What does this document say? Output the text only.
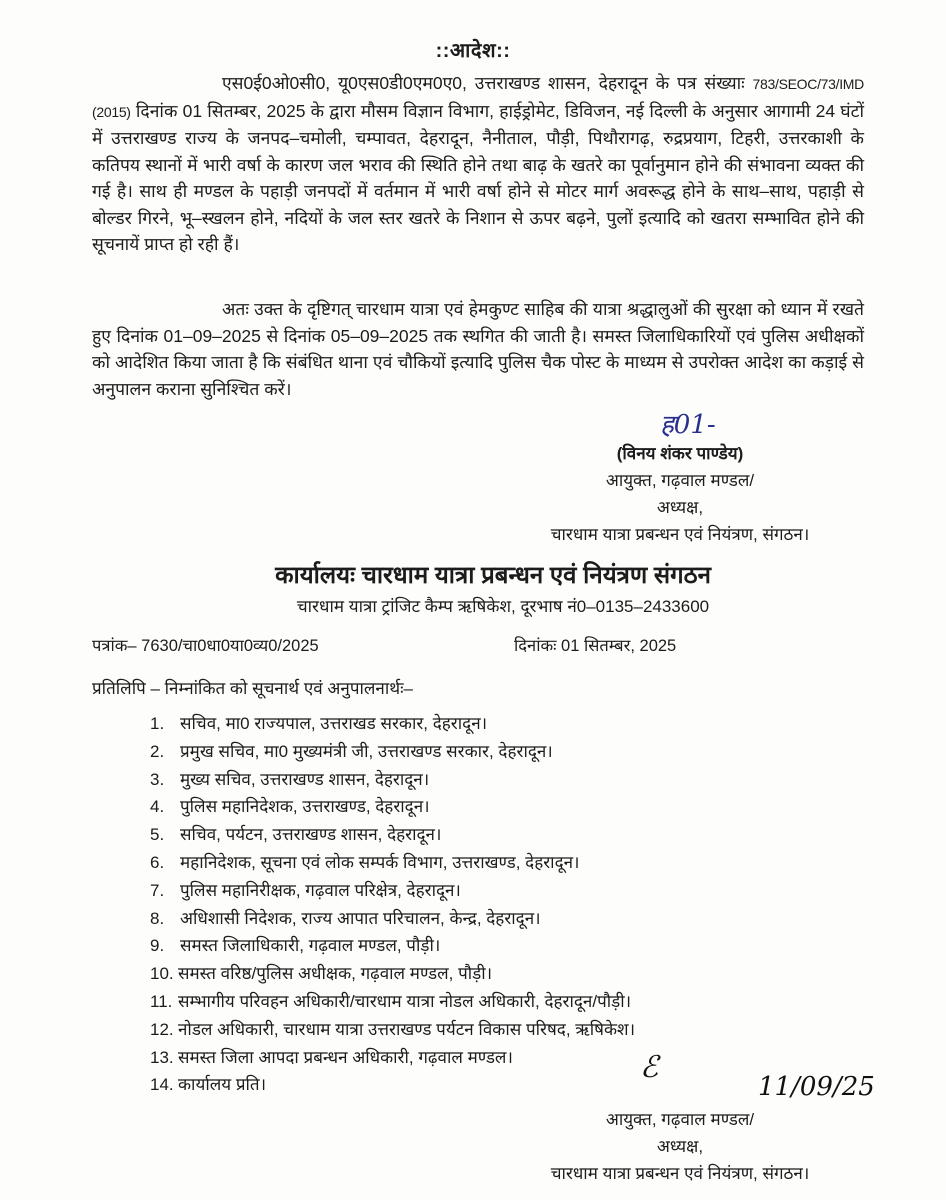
::आदेश::
एस0ई0ओ0सी0, यू0एस0डी0एम0ए0, उत्तराखण्ड शासन, देहरादून के पत्र संख्याः 783/SEOC/73/IMD (2015) दिनांक 01 सितम्बर, 2025 के द्वारा मौसम विज्ञान विभाग, हाईड्रोमेट, डिविजन, नई दिल्ली के अनुसार आगामी 24 घंटों में उत्तराखण्ड राज्य के जनपद–चमोली, चम्पावत, देहरादून, नैनीताल, पौड़ी, पिथौरागढ़, रुद्रप्रयाग, टिहरी, उत्तरकाशी के कतिपय स्थानों में भारी वर्षा के कारण जल भराव की स्थिति होने तथा बाढ़ के खतरे का पूर्वानुमान होने की संभावना व्यक्त की गई है। साथ ही मण्डल के पहाड़ी जनपदों में वर्तमान में भारी वर्षा होने से मोटर मार्ग अवरूद्ध होने के साथ–साथ, पहाड़ी से बोल्डर गिरने, भू–स्खलन होने, नदियों के जल स्तर खतरे के निशान से ऊपर बढ़ने, पुलों इत्यादि को खतरा सम्भावित होने की सूचनायें प्राप्त हो रही हैं।
अतः उक्त के दृष्टिगत् चारधाम यात्रा एवं हेमकुण्ट साहिब की यात्रा श्रद्धालुओं की सुरक्षा को ध्यान में रखते हुए दिनांक 01–09–2025 से दिनांक 05–09–2025 तक स्थगित की जाती है। समस्त जिलाधिकारियों एवं पुलिस अधीक्षकों को आदेशित किया जाता है कि संबंधित थाना एवं चौकियों इत्यादि पुलिस चैक पोस्ट के माध्यम से उपरोक्त आदेश का कड़ाई से अनुपालन कराना सुनिश्चित करें।
ह01-
(विनय शंकर पाण्डेय)
आयुक्त, गढ़वाल मण्डल/
अध्यक्ष,
चारधाम यात्रा प्रबन्धन एवं नियंत्रण, संगठन।
कार्यालयः चारधाम यात्रा प्रबन्धन एवं नियंत्रण संगठन
चारधाम यात्रा ट्रांजिट कैम्प ऋषिकेश, दूरभाष नं0–0135–2433600
पत्रांक– 7630/चा0धा0या0व्य0/2025	दिनांकः 01 सितम्बर, 2025
प्रतिलिपि – निम्नांकित को सूचनार्थ एवं अनुपालनार्थः–
1. सचिव, मा0 राज्यपाल, उत्तराखड सरकार, देहरादून।
2. प्रमुख सचिव, मा0 मुख्यमंत्री जी, उत्तराखण्ड सरकार, देहरादून।
3. मुख्य सचिव, उत्तराखण्ड शासन, देहरादून।
4. पुलिस महानिदेशक, उत्तराखण्ड, देहरादून।
5. सचिव, पर्यटन, उत्तराखण्ड शासन, देहरादून।
6. महानिदेशक, सूचना एवं लोक सम्पर्क विभाग, उत्तराखण्ड, देहरादून।
7. पुलिस महानिरीक्षक, गढ़वाल परिक्षेत्र, देहरादून।
8. अधिशासी निदेशक, राज्य आपात परिचालन, केन्द्र, देहरादून।
9. समस्त जिलाधिकारी, गढ़वाल मण्डल, पौड़ी।
10. समस्त वरिष्ठ/पुलिस अधीक्षक, गढ़वाल मण्डल, पौड़ी।
11. सम्भागीय परिवहन अधिकारी/चारधाम यात्रा नोडल अधिकारी, देहरादून/पौड़ी।
12. नोडल अधिकारी, चारधाम यात्रा उत्तराखण्ड पर्यटन विकास परिषद, ऋषिकेश।
13. समस्त जिला आपदा प्रबन्धन अधिकारी, गढ़वाल मण्डल।
14. कार्यालय प्रति।	ℰ
11/09/25
आयुक्त, गढ़वाल मण्डल/
अध्यक्ष,
चारधाम यात्रा प्रबन्धन एवं नियंत्रण, संगठन।
